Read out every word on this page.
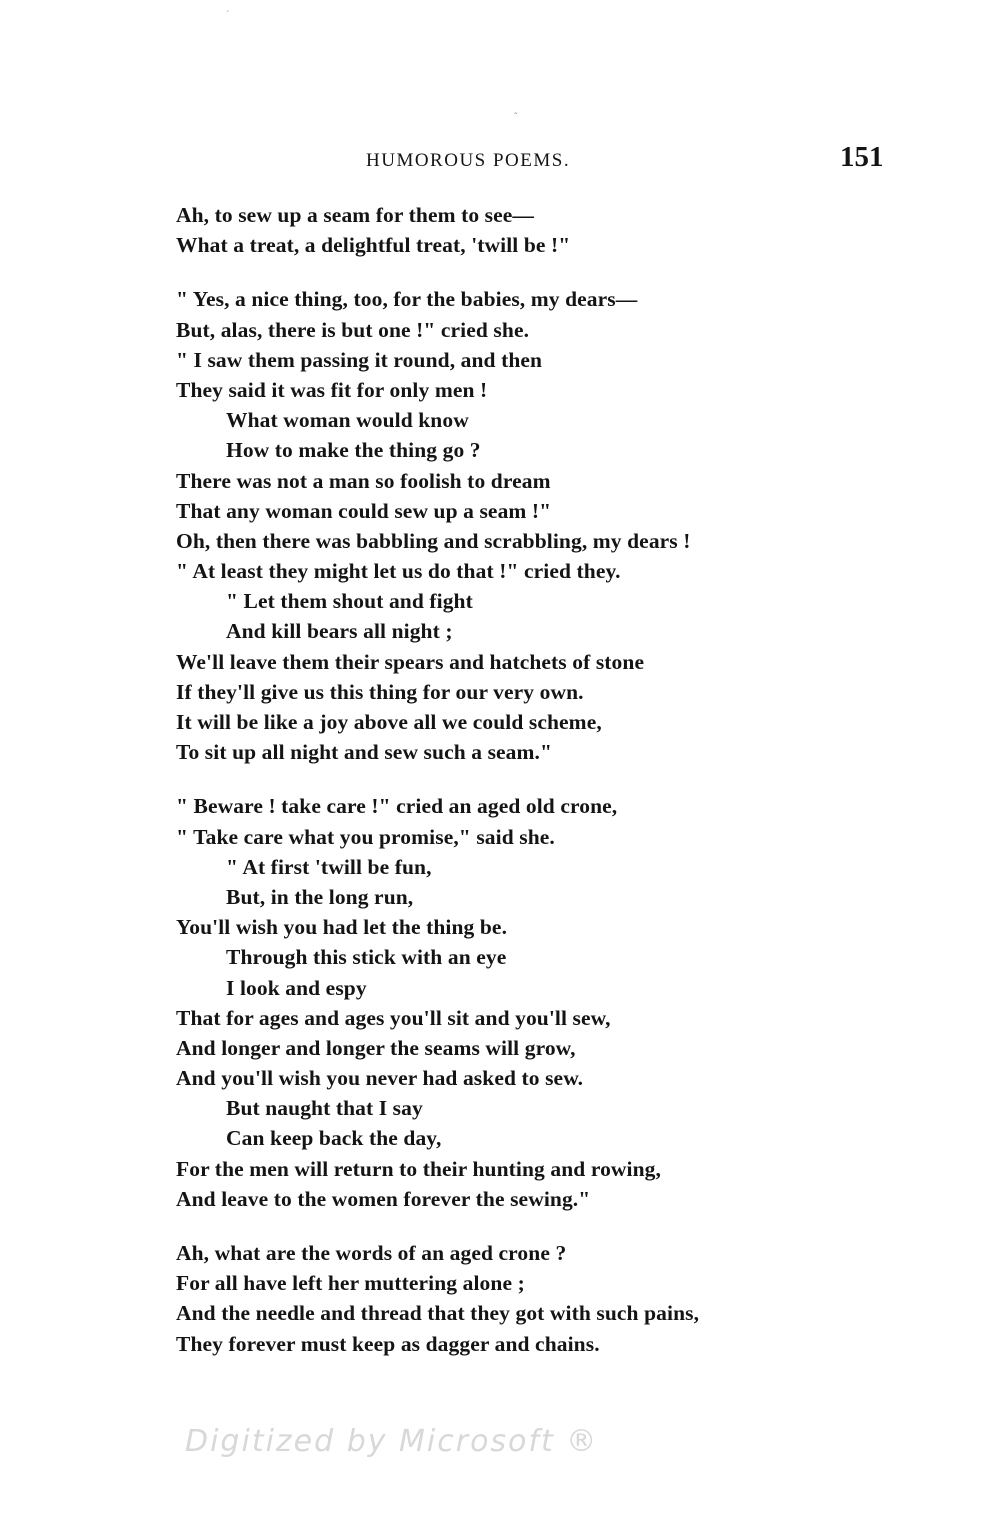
HUMOROUS POEMS.	151
ˊ
ˆ
Ah, to sew up a seam for them to see—
What a treat, a delightful treat, 'twill be !"
" Yes, a nice thing, too, for the babies, my dears—
But, alas, there is but one !" cried she.
" I saw them passing it round, and then
They said it was fit for only men !
What woman would know
How to make the thing go ?
There was not a man so foolish to dream
That any woman could sew up a seam !"
Oh, then there was babbling and scrabbling, my dears !
" At least they might let us do that !" cried they.
" Let them shout and fight
And kill bears all night ;
We'll leave them their spears and hatchets of stone
If they'll give us this thing for our very own.
It will be like a joy above all we could scheme,
To sit up all night and sew such a seam."
" Beware ! take care !" cried an aged old crone,
" Take care what you promise," said she.
" At first 'twill be fun,
But, in the long run,
You'll wish you had let the thing be.
Through this stick with an eye
I look and espy
That for ages and ages you'll sit and you'll sew,
And longer and longer the seams will grow,
And you'll wish you never had asked to sew.
But naught that I say
Can keep back the day,
For the men will return to their hunting and rowing,
And leave to the women forever the sewing."
Ah, what are the words of an aged crone ?
For all have left her muttering alone ;
And the needle and thread that they got with such pains,
They forever must keep as dagger and chains.
Digitized by Microsoft ®
